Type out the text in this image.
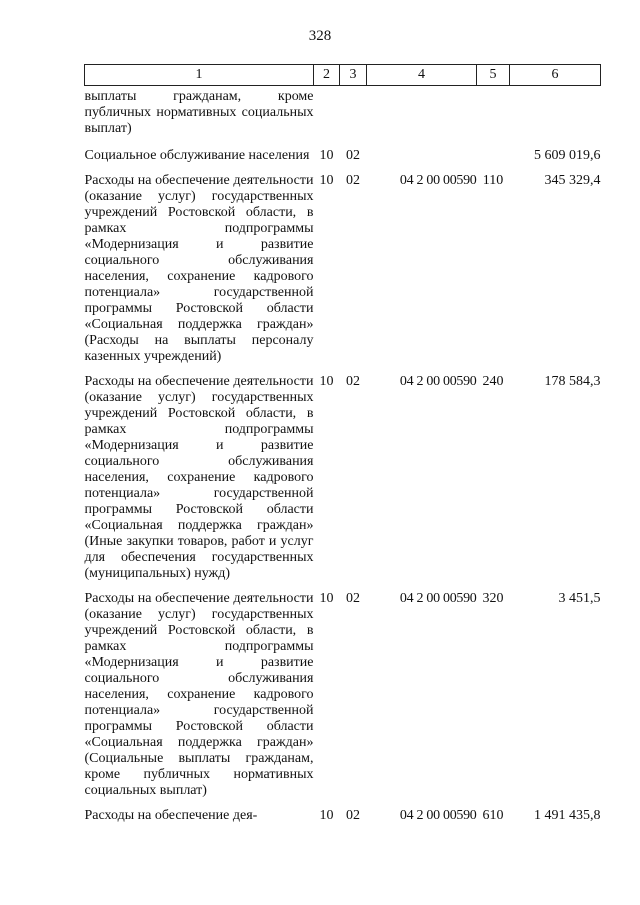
328
1	2	3	4	5	6
выплаты гражданам, кроме публичных нормативных социальных выплат)					
Социальное обслуживание населения	10	02			5 609 019,6
Расходы на обеспечение деятельности (оказание услуг) государственных учреждений Ростовской области, в рамках подпрограммы «Модернизация и развитие социального обслуживания населения, сохранение кадрового потенциала» государственной программы Ростовской области «Социальная поддержка граждан» (Расходы на выплаты персоналу казенных учреждений)	10	02	04 2 00 00590	110	345 329,4
Расходы на обеспечение деятельности (оказание услуг) государственных учреждений Ростовской области, в рамках подпрограммы «Модернизация и развитие социального обслуживания населения, сохранение кадрового потенциала» государственной программы Ростовской области «Социальная поддержка граждан» (Иные закупки товаров, работ и услуг для обеспечения государственных (муниципальных) нужд)	10	02	04 2 00 00590	240	178 584,3
Расходы на обеспечение деятельности (оказание услуг) государственных учреждений Ростовской области, в рамках подпрограммы «Модернизация и развитие социального обслуживания населения, сохранение кадрового потенциала» государственной программы Ростовской области «Социальная поддержка граждан» (Социальные выплаты гражданам, кроме публичных нормативных социальных выплат)	10	02	04 2 00 00590	320	3 451,5
Расходы на обеспечение дея-	10	02	04 2 00 00590	610	1 491 435,8
